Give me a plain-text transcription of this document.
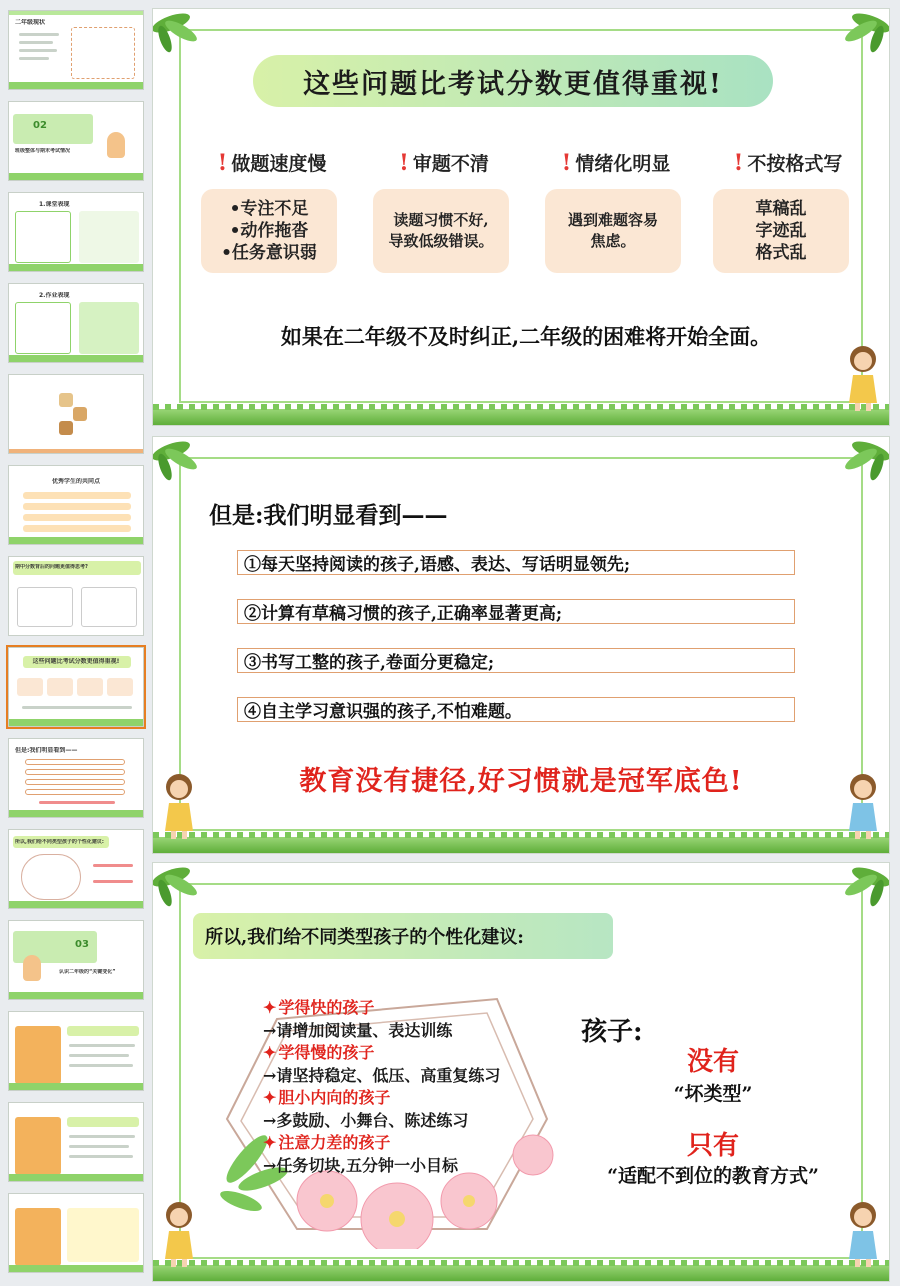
二年级现状
02
班级整体与期末考试情况
1.课堂表现
2.作业表现
优秀学生的共同点
期中分数背后的问题更值得思考?
这些问题比考试分数更值得重视!
但是:我们明显看到——
所以,我们给不同类型孩子的个性化建议:
03
认识二年级的“关键变化”
这些问题比考试分数更值得重视!
! 做题速度慢	! 审题不清	! 情绪化明显	! 不按格式写
•专注不足
•动作拖沓
•任务意识弱
读题习惯不好,
导致低级错误。
遇到难题容易
焦虑。
草稿乱
字迹乱
格式乱
如果在二年级不及时纠正,二年级的困难将开始全面。
但是:我们明显看到——
①每天坚持阅读的孩子,语感、表达、写话明显领先;
②计算有草稿习惯的孩子,正确率显著更高;
③书写工整的孩子,卷面分更稳定;
④自主学习意识强的孩子,不怕难题。
教育没有捷径,好习惯就是冠军底色!
所以,我们给不同类型孩子的个性化建议:
✦ 学得快的孩子
→请增加阅读量、表达训练
✦ 学得慢的孩子
→请坚持稳定、低压、高重复练习
✦ 胆小内向的孩子
→多鼓励、小舞台、陈述练习
✦ 注意力差的孩子
→任务切块,五分钟一小目标
孩子:
没有
“坏类型”
只有
“适配不到位的教育方式”
